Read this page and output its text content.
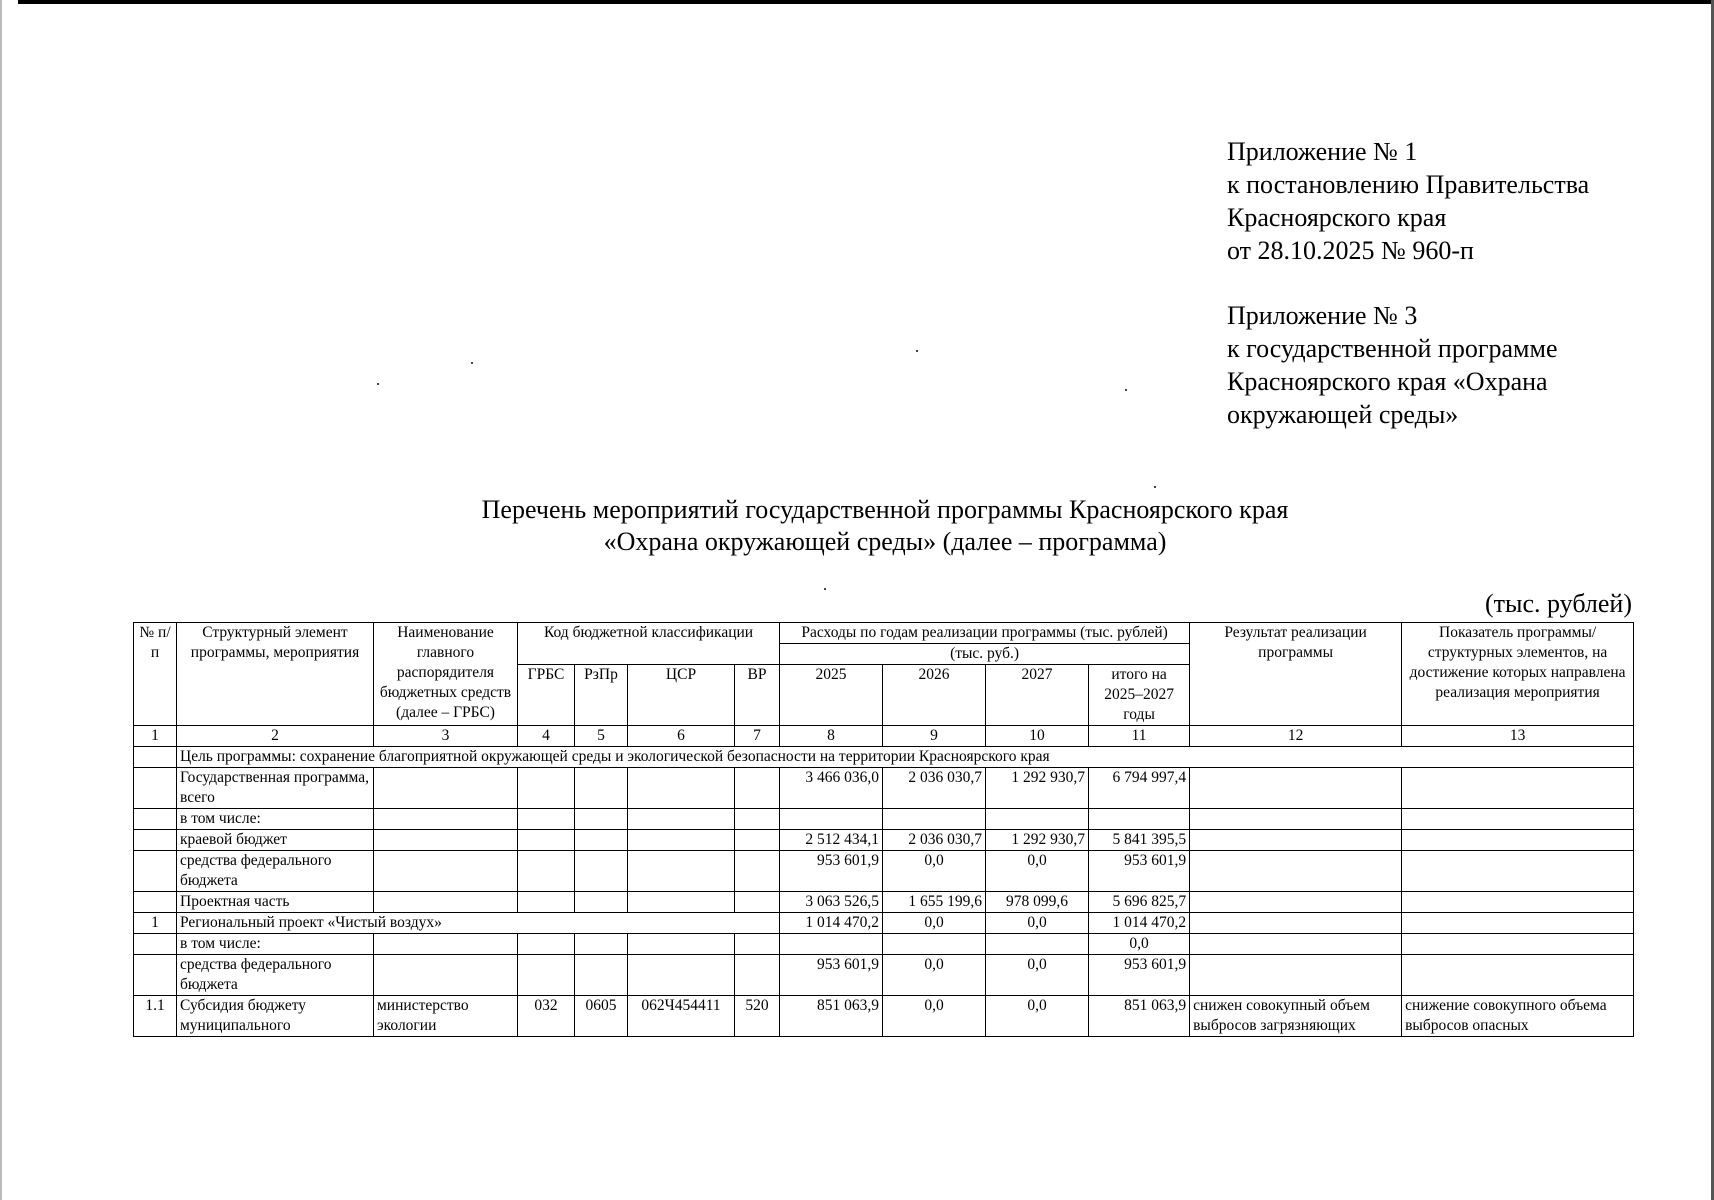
Приложение № 1
к постановлению Правительства
Красноярского края
от 28.10.2025 № 960-п
Приложение № 3
к государственной программе
Красноярского края «Охрана
окружающей среды»
Перечень мероприятий государственной программы Красноярского края
«Охрана окружающей среды» (далее – программа)
(тыс. рублей)
№ п/п	Структурный элемент программы, мероприятия	Наименование главного распорядителя бюджетных средств (далее – ГРБС)	Код бюджетной классификации				Расходы по годам реализации программы (тыс. рублей)				Результат реализации программы	Показатель программы/ структурных элементов, на достижение которых направлена реализация мероприятия
							(тыс. руб.)					
			ГРБС	РзПр	ЦСР	ВР	2025	2026	2027	итого на 2025–2027 годы		

1	2	3	4	5	6	7	8	9	10	11	12	13
	Цель программы: сохранение благоприятной окружающей среды и экологической безопасности на территории Красноярского края											
	Государственная программа, всего						3 466 036,0	2 036 030,7	1 292 930,7	6 794 997,4		
	в том числе:											
	краевой бюджет						2 512 434,1	2 036 030,7	1 292 930,7	5 841 395,5		
	средства федерального бюджета						953 601,9	0,0	0,0	953 601,9		
	Проектная часть						3 063 526,5	1 655 199,6	978 099,6	5 696 825,7		
1	Региональный проект «Чистый воздух»						1 014 470,2	0,0	0,0	1 014 470,2		
	в том числе:									0,0		
	средства федерального бюджета						953 601,9	0,0	0,0	953 601,9		
1.1	Субсидия бюджету муниципального	министерство экологии	032	0605	062Ч454411	520	851 063,9	0,0	0,0	851 063,9	снижен совокупный объем выбросов загрязняющих	снижение совокупного объема выбросов опасных
